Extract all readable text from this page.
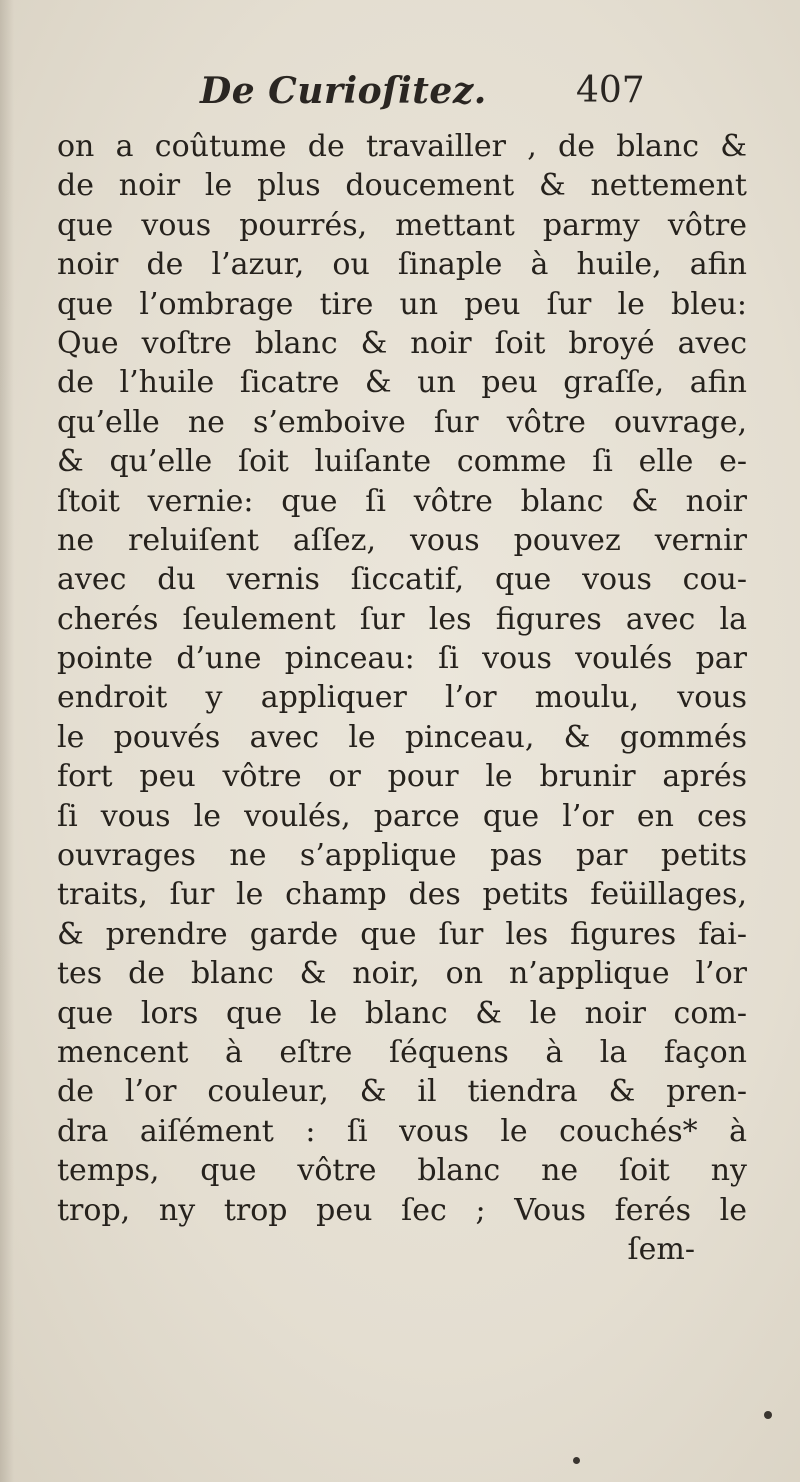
De Curioſitez. 407
on a coûtume de travailler , de blanc &
de noir le plus doucement & nettement
que vous pourrés, mettant parmy vôtre
noir de l’azur, ou ſinaple à huile, afin
que l’ombrage tire un peu ſur le bleu:
Que voſtre blanc & noir ſoit broyé avec
de l’huile ſicatre & un peu graſſe, afin
qu’elle ne s’emboive ſur vôtre ouvrage,
& qu’elle ſoit luiſante comme ſi elle e-
ſtoit vernie: que ſi vôtre blanc & noir
ne reluiſent aſſez, vous pouvez vernir
avec du vernis ſiccatif, que vous cou-
cherés ſeulement ſur les figures avec la
pointe d’une pinceau: ſi vous voulés par
endroit y appliquer l’or moulu, vous
le pouvés avec le pinceau, & gommés
fort peu vôtre or pour le brunir aprés
ſi vous le voulés, parce que l’or en ces
ouvrages ne s’applique pas par petits
traits, ſur le champ des petits feüillages,
& prendre garde que ſur les figures fai-
tes de blanc & noir, on n’applique l’or
que lors que le blanc & le noir com-
mencent à eſtre ſéquens à la façon
de l’or couleur, & il tiendra & pren-
dra aiſément : ſi vous le couchés* à
temps, que vôtre blanc ne ſoit ny
trop, ny trop peu ſec ; Vous ferés le
ſem-
